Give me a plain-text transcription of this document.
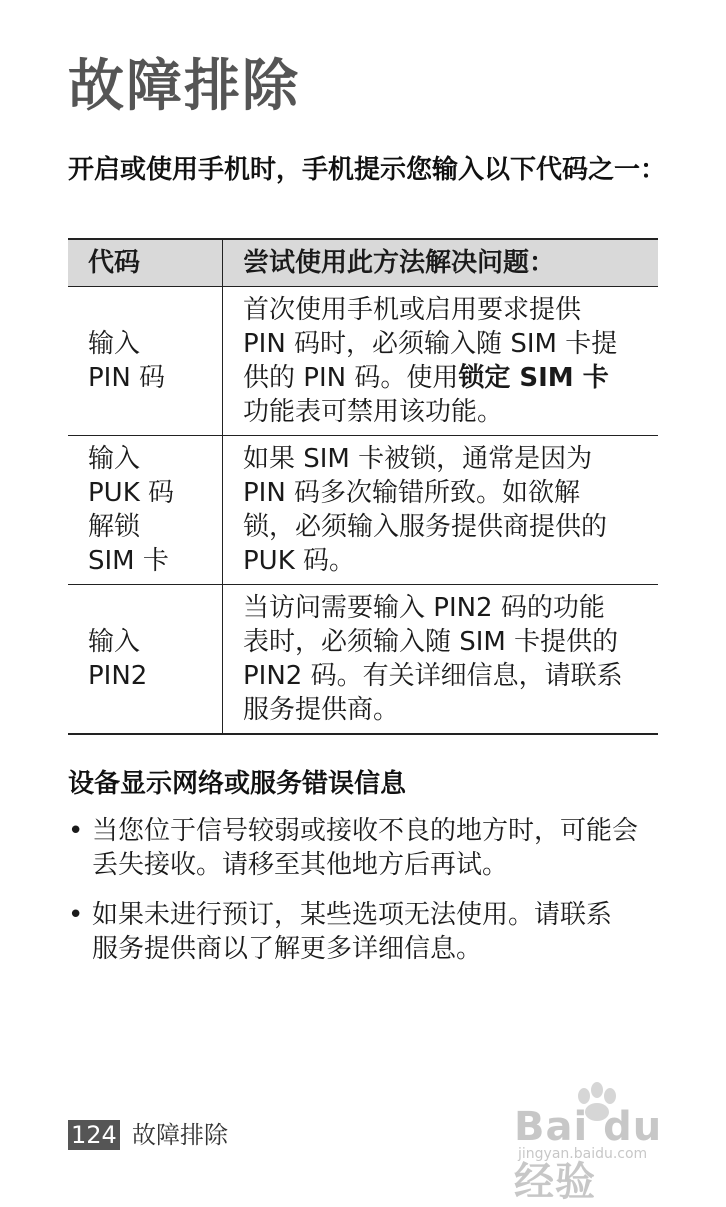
故障排除
开启或使用手机时，手机提示您输入以下代码之一：
代码	尝试使用此方法解决问题：

输入
PIN 码	首次使用手机或启用要求提供
PIN 码时，必须输入随 SIM 卡提
供的 PIN 码。使用锁定 SIM 卡
功能表可禁用该功能。

输入
PUK 码
解锁
SIM 卡	如果 SIM 卡被锁，通常是因为
PIN 码多次输错所致。如欲解
锁，必须输入服务提供商提供的
PUK 码。

输入
PIN2	当访问需要输入 PIN2 码的功能
表时，必须输入随 SIM 卡提供的
PIN2 码。有关详细信息，请联系
服务提供商。
设备显示网络或服务错误信息
• 当您位于信号较弱或接收不良的地方时，可能会
丢失接收。请移至其他地方后再试。
• 如果未进行预订，某些选项无法使用。请联系
服务提供商以了解更多详细信息。
124 故障排除	Bai du 经验
jingyan.baidu.com
